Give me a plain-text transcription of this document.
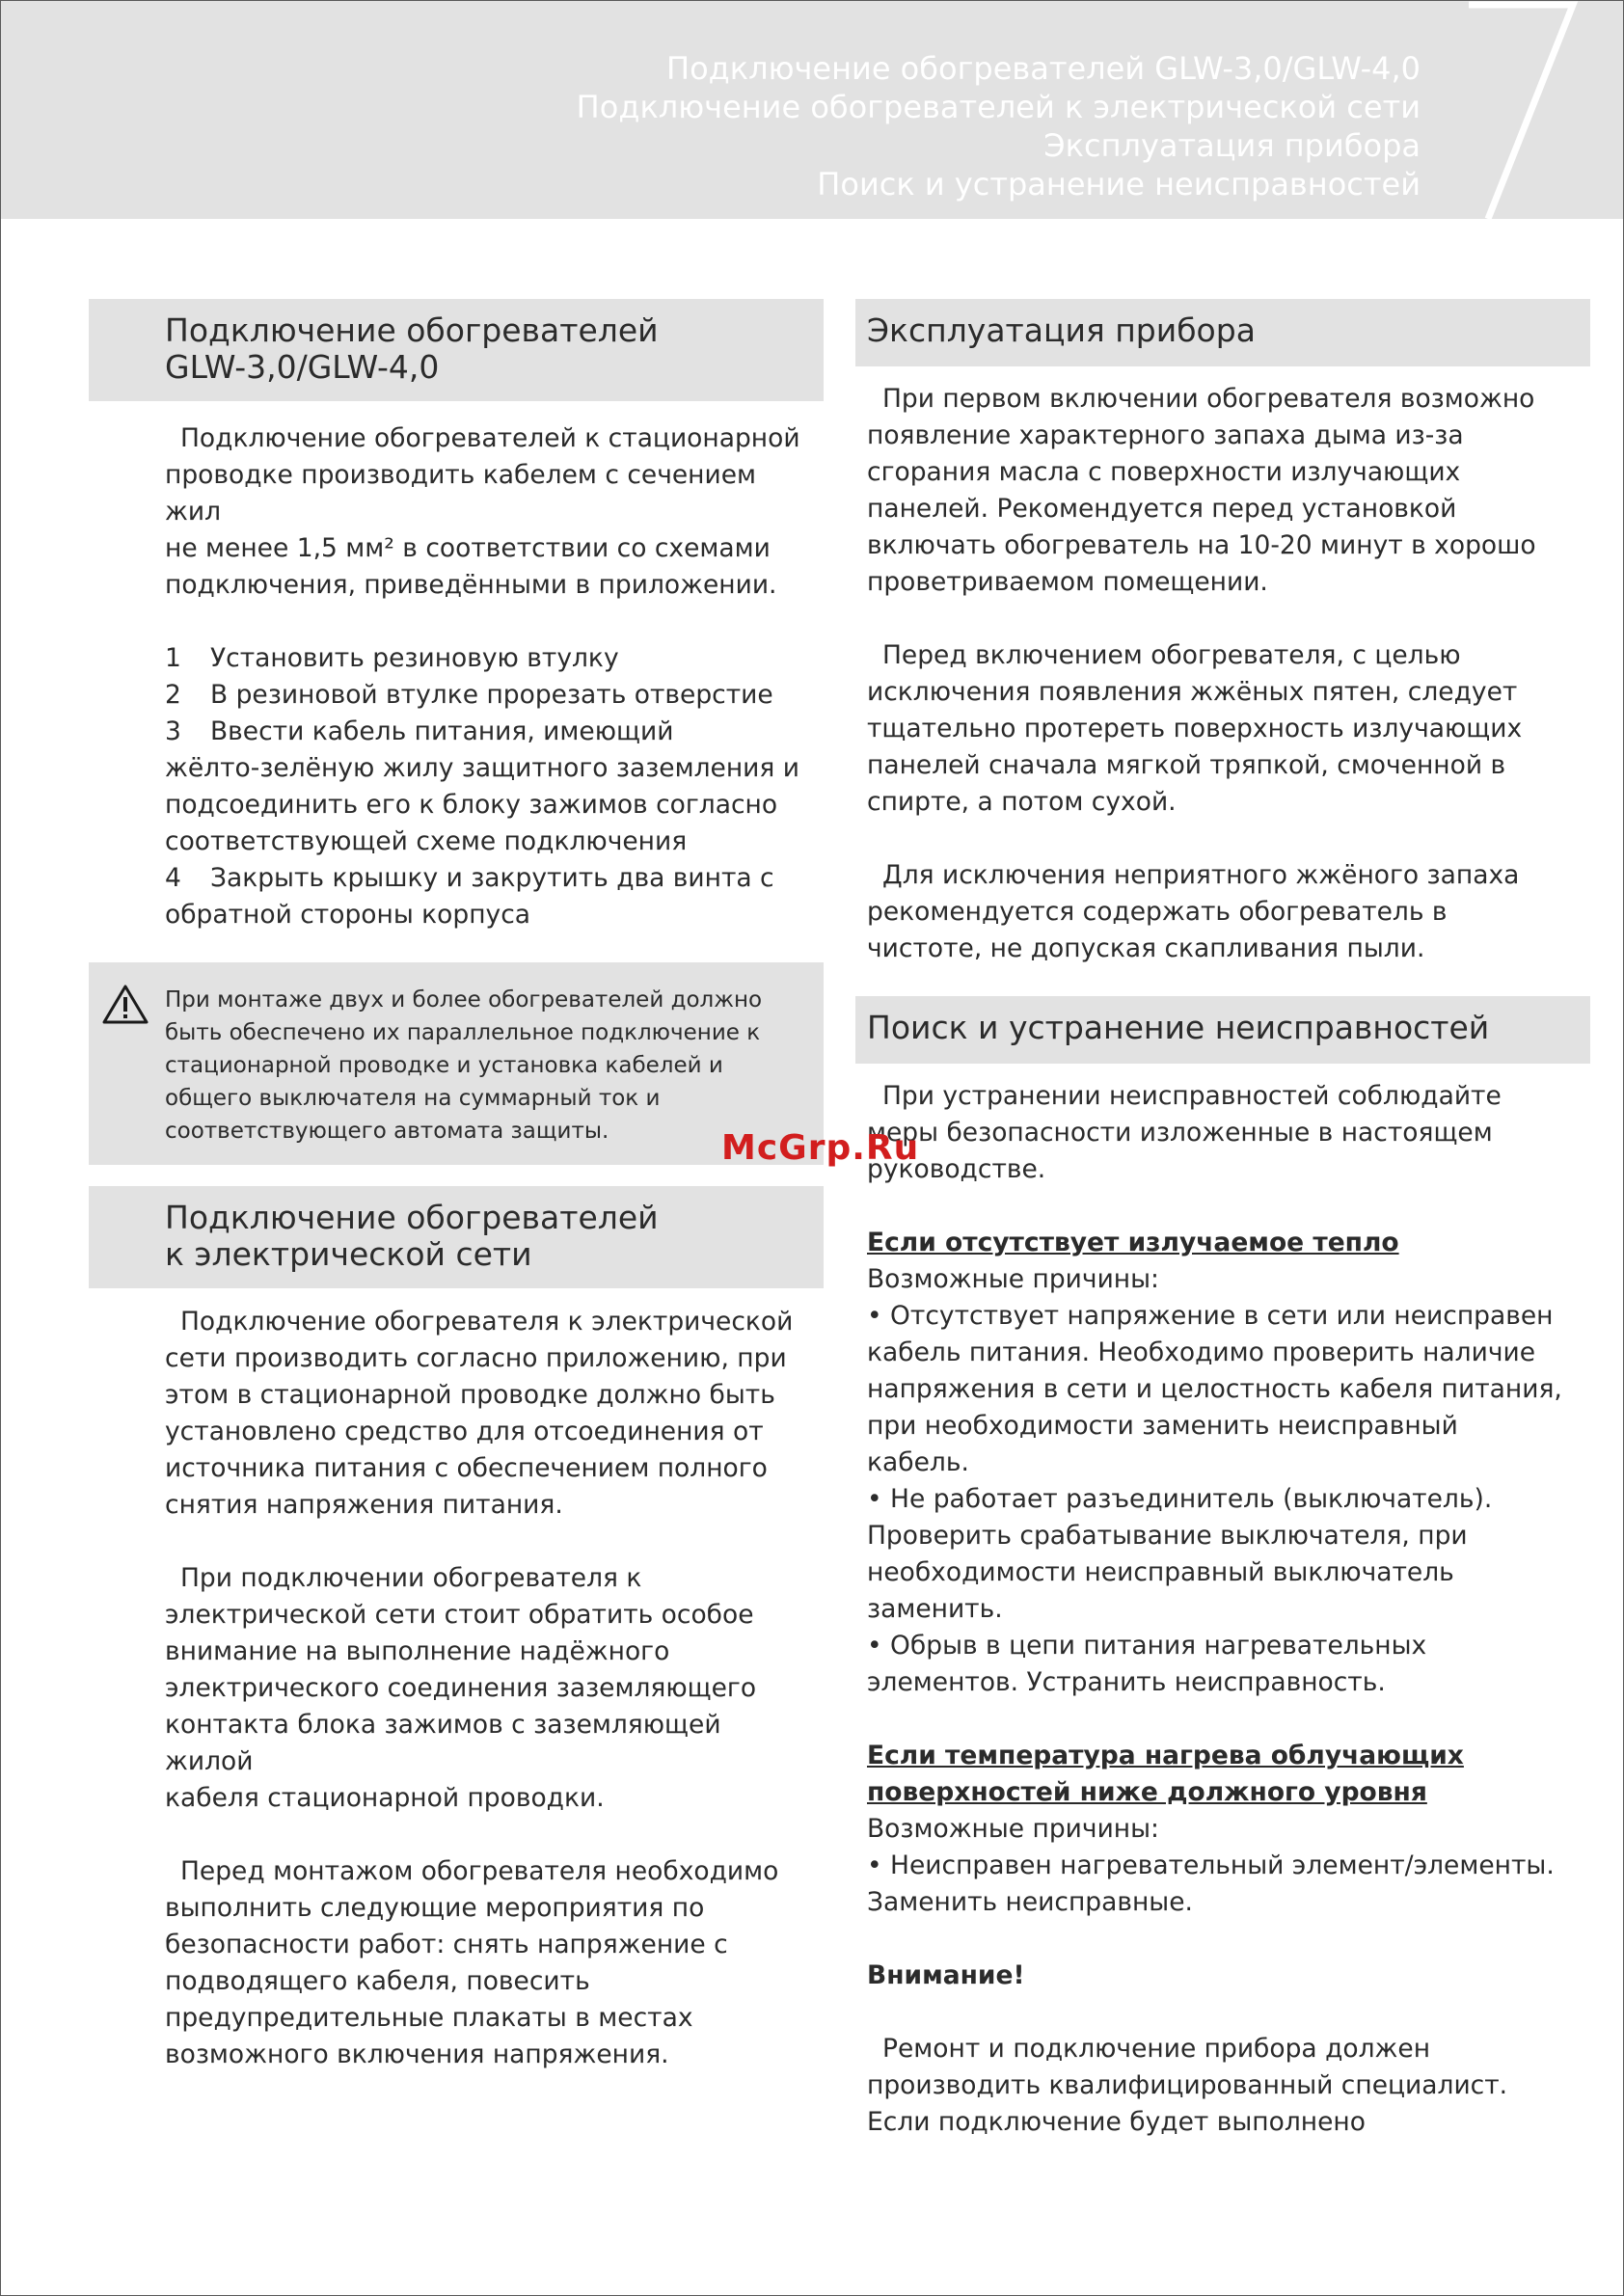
Подключение обогревателей GLW-3,0/GLW-4,0
Подключение обогревателей к электрической сети
Эксплуатация прибора
Поиск и устранение неисправностей
7
Подключение обогревателей
GLW-3,0/GLW-4,0

Подключение обогревателей к стационарной

проводке производить кабелем с сечением жил

не менее 1,5 мм² в соответствии со схемами

подключения, приведёнными в приложении.

1 Установить резиновую втулку

2 В резиновой втулке прорезать отверстие

3 Ввести кабель питания, имеющий

жёлто-зелёную жилу защитного заземления и

подсоединить его к блоку зажимов согласно

соответствующей схеме подключения

4 Закрыть крышку и закрутить два винта с

обратной стороны корпуса

При монтаже двух и более обогревателей должно
быть обеспечено их параллельное подключение к
стационарной проводке и установка кабелей и
общего выключателя на суммарный ток и
соответствующего автомата защиты.
Подключение обогревателей
к электрической сети

Подключение обогревателя к электрической

сети производить согласно приложению, при

этом в стационарной проводке должно быть

установлено средство для отсоединения от

источника питания с обеспечением полного

снятия напряжения питания.

При подключении обогревателя к

электрической сети стоит обратить особое

внимание на выполнение надёжного

электрического соединения заземляющего

контакта блока зажимов с заземляющей жилой

кабеля стационарной проводки.

Перед монтажом обогревателя необходимо

выполнить следующие мероприятия по

безопасности работ: снять напряжение с

подводящего кабеля, повесить

предупредительные плакаты в местах

возможного включения напряжения.

Эксплуатация прибора

При первом включении обогревателя возможно

появление характерного запаха дыма из-за

сгорания масла с поверхности излучающих

панелей. Рекомендуется перед установкой

включать обогреватель на 10-20 минут в хорошо

проветриваемом помещении.

Перед включением обогревателя, с целью

исключения появления жжёных пятен, следует

тщательно протереть поверхность излучающих

панелей сначала мягкой тряпкой, смоченной в

спирте, а потом сухой.

Для исключения неприятного жжёного запаха

рекомендуется содержать обогреватель в

чистоте, не допуская скапливания пыли.

Поиск и устранение неисправностей

При устранении неисправностей соблюдайте

меры безопасности изложенные в настоящем

руководстве.

Если отсутствует излучаемое тепло

Возможные причины:

• Отсутствует напряжение в сети или неисправен

кабель питания. Необходимо проверить наличие

напряжения в сети и целостность кабеля питания,

при необходимости заменить неисправный

кабель.

• Не работает разъединитель (выключатель).

Проверить срабатывание выключателя, при

необходимости неисправный выключатель

заменить.

• Обрыв в цепи питания нагревательных

элементов. Устранить неисправность.

Если температура нагрева облучающих

поверхностей ниже должного уровня

Возможные причины:

• Неисправен нагревательный элемент/элементы.

Заменить неисправные.

Внимание!

Ремонт и подключение прибора должен

производить квалифицированный специалист.

Если подключение будет выполнено

McGrp.Ru
